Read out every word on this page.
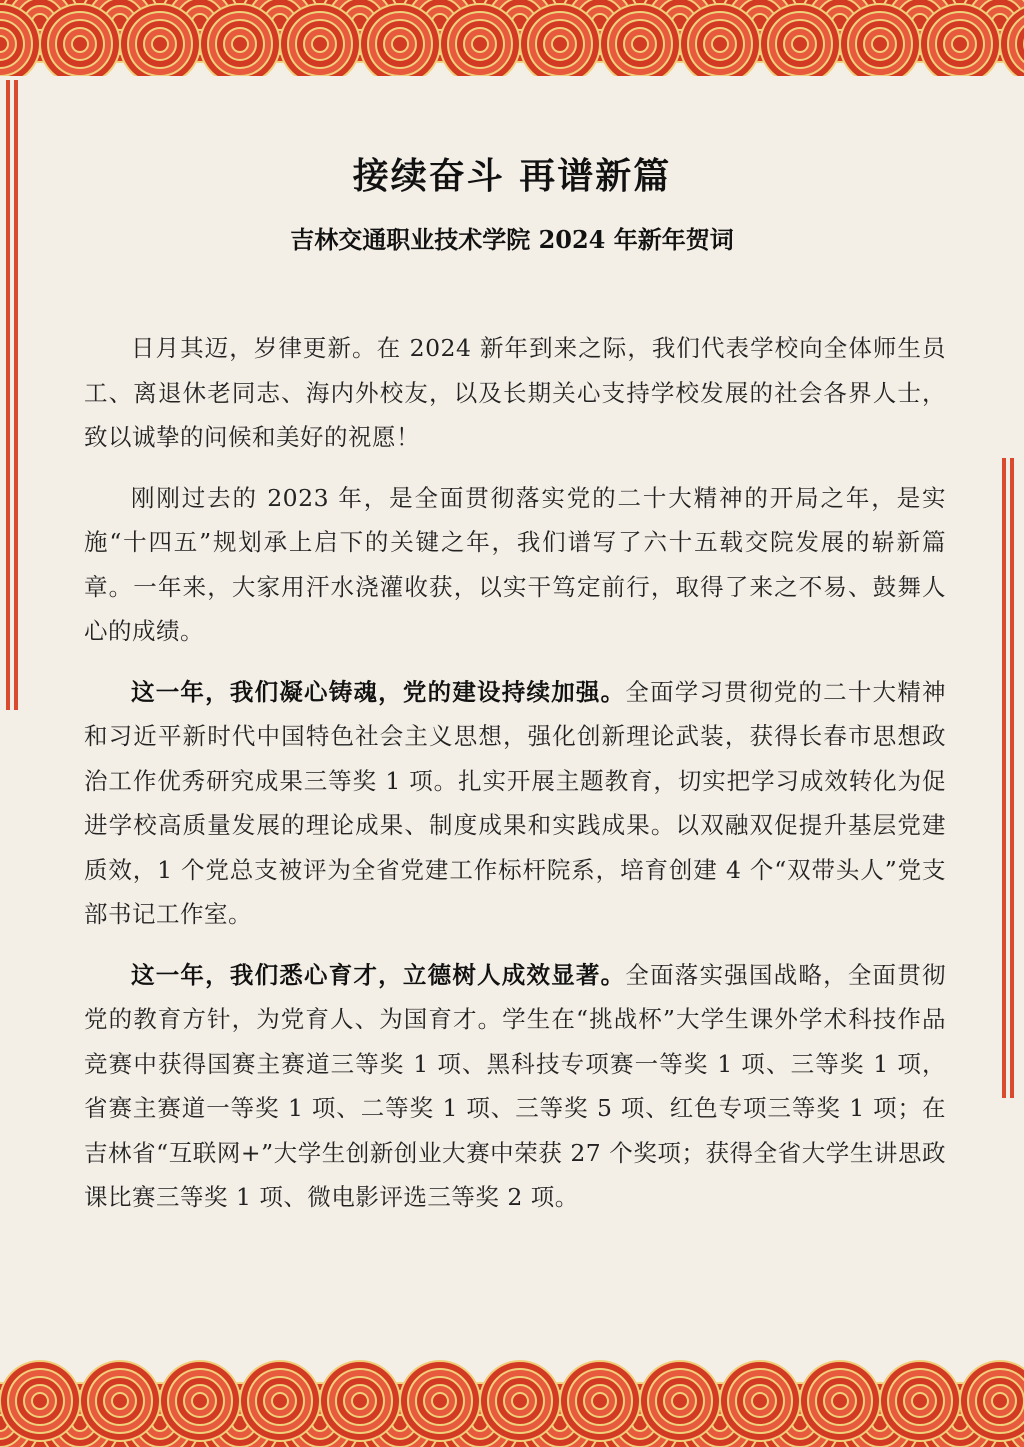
接续奋斗 再谱新篇
吉林交通职业技术学院 2024 年新年贺词

日月其迈，岁律更新。在 2024 新年到来之际，我们代表学校向全体师生员工、离退休老同志、海内外校友，以及长期关心支持学校发展的社会各界人士，致以诚挚的问候和美好的祝愿！

刚刚过去的 2023 年，是全面贯彻落实党的二十大精神的开局之年，是实施“十四五”规划承上启下的关键之年，我们谱写了六十五载交院发展的崭新篇章。一年来，大家用汗水浇灌收获，以实干笃定前行，取得了来之不易、鼓舞人心的成绩。

这一年，我们凝心铸魂，党的建设持续加强。全面学习贯彻党的二十大精神和习近平新时代中国特色社会主义思想，强化创新理论武装，获得长春市思想政治工作优秀研究成果三等奖 1 项。扎实开展主题教育，切实把学习成效转化为促进学校高质量发展的理论成果、制度成果和实践成果。以双融双促提升基层党建质效，1 个党总支被评为全省党建工作标杆院系，培育创建 4 个“双带头人”党支部书记工作室。

这一年，我们悉心育才，立德树人成效显著。全面落实强国战略，全面贯彻党的教育方针，为党育人、为国育才。学生在“挑战杯”大学生课外学术科技作品竞赛中获得国赛主赛道三等奖 1 项、黑科技专项赛一等奖 1 项、三等奖 1 项，省赛主赛道一等奖 1 项、二等奖 1 项、三等奖 5 项、红色专项三等奖 1 项；在吉林省“互联网+”大学生创新创业大赛中荣获 27 个奖项；获得全省大学生讲思政课比赛三等奖 1 项、微电影评选三等奖 2 项。
